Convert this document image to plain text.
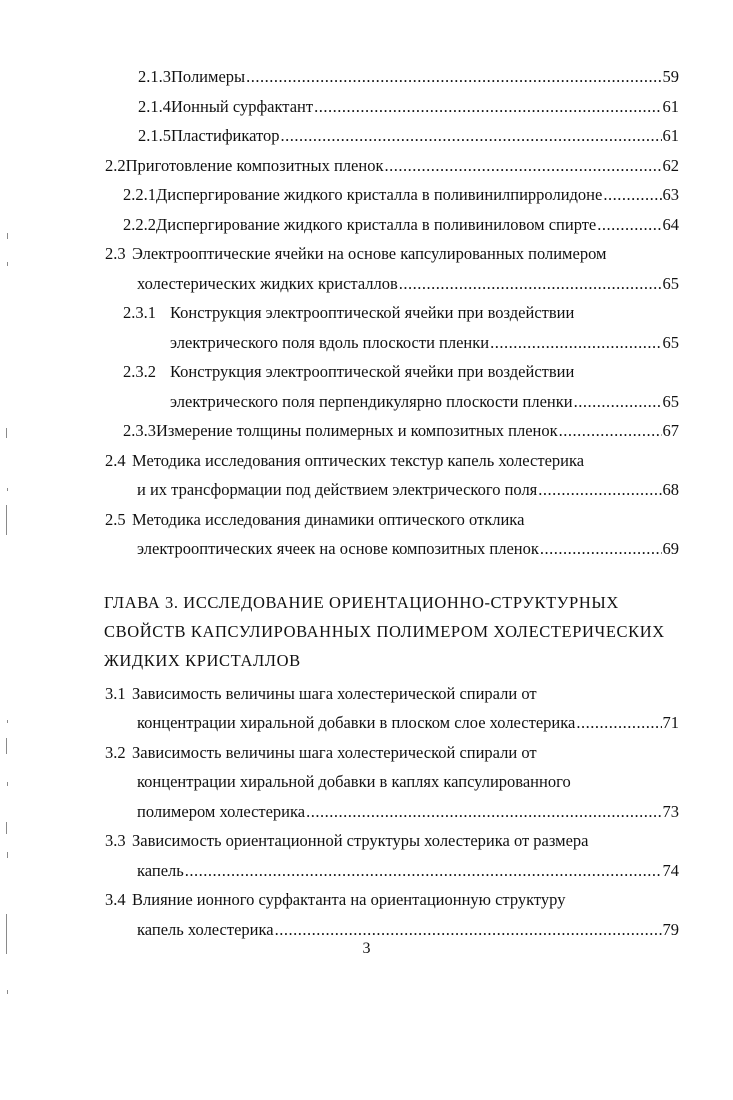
2.1.3 Полимеры .....	59
2.1.4 Ионный сурфактант .....	61
2.1.5 Пластификатор .....	61
2.2 Приготовление композитных пленок .....	62
2.2.1 Диспергирование жидкого кристалла в поливинилпирролидоне .....	63
2.2.2 Диспергирование жидкого кристалла в поливиниловом спирте .....	64
2.3 Электрооптические ячейки на основе капсулированных полимером
холестерических жидких кристаллов .....	65
2.3.1 Конструкция электрооптической ячейки при воздействии
электрического поля вдоль плоскости пленки .....	65
2.3.2 Конструкция электрооптической ячейки при воздействии
электрического поля перпендикулярно плоскости пленки .....	65
2.3.3 Измерение толщины полимерных и композитных пленок .....	67
2.4 Методика исследования оптических текстур капель холестерика
и их трансформации под действием электрического поля .....	68
2.5 Методика исследования динамики оптического отклика
электрооптических ячеек на основе композитных пленок .....	69
ГЛАВА 3. ИССЛЕДОВАНИЕ ОРИЕНТАЦИОННО-СТРУКТУРНЫХ
СВОЙСТВ КАПСУЛИРОВАННЫХ ПОЛИМЕРОМ ХОЛЕСТЕРИЧЕСКИХ
ЖИДКИХ КРИСТАЛЛОВ
3.1 Зависимость величины шага холестерической спирали от
концентрации хиральной добавки в плоском слое холестерика .....	71
3.2 Зависимость величины шага холестерической спирали от
концентрации хиральной добавки в каплях капсулированного
полимером холестерика .....	73
3.3 Зависимость ориентационной структуры холестерика от размера
капель .....	74
3.4 Влияние ионного сурфактанта на ориентационную структуру
капель холестерика .....	79
3
